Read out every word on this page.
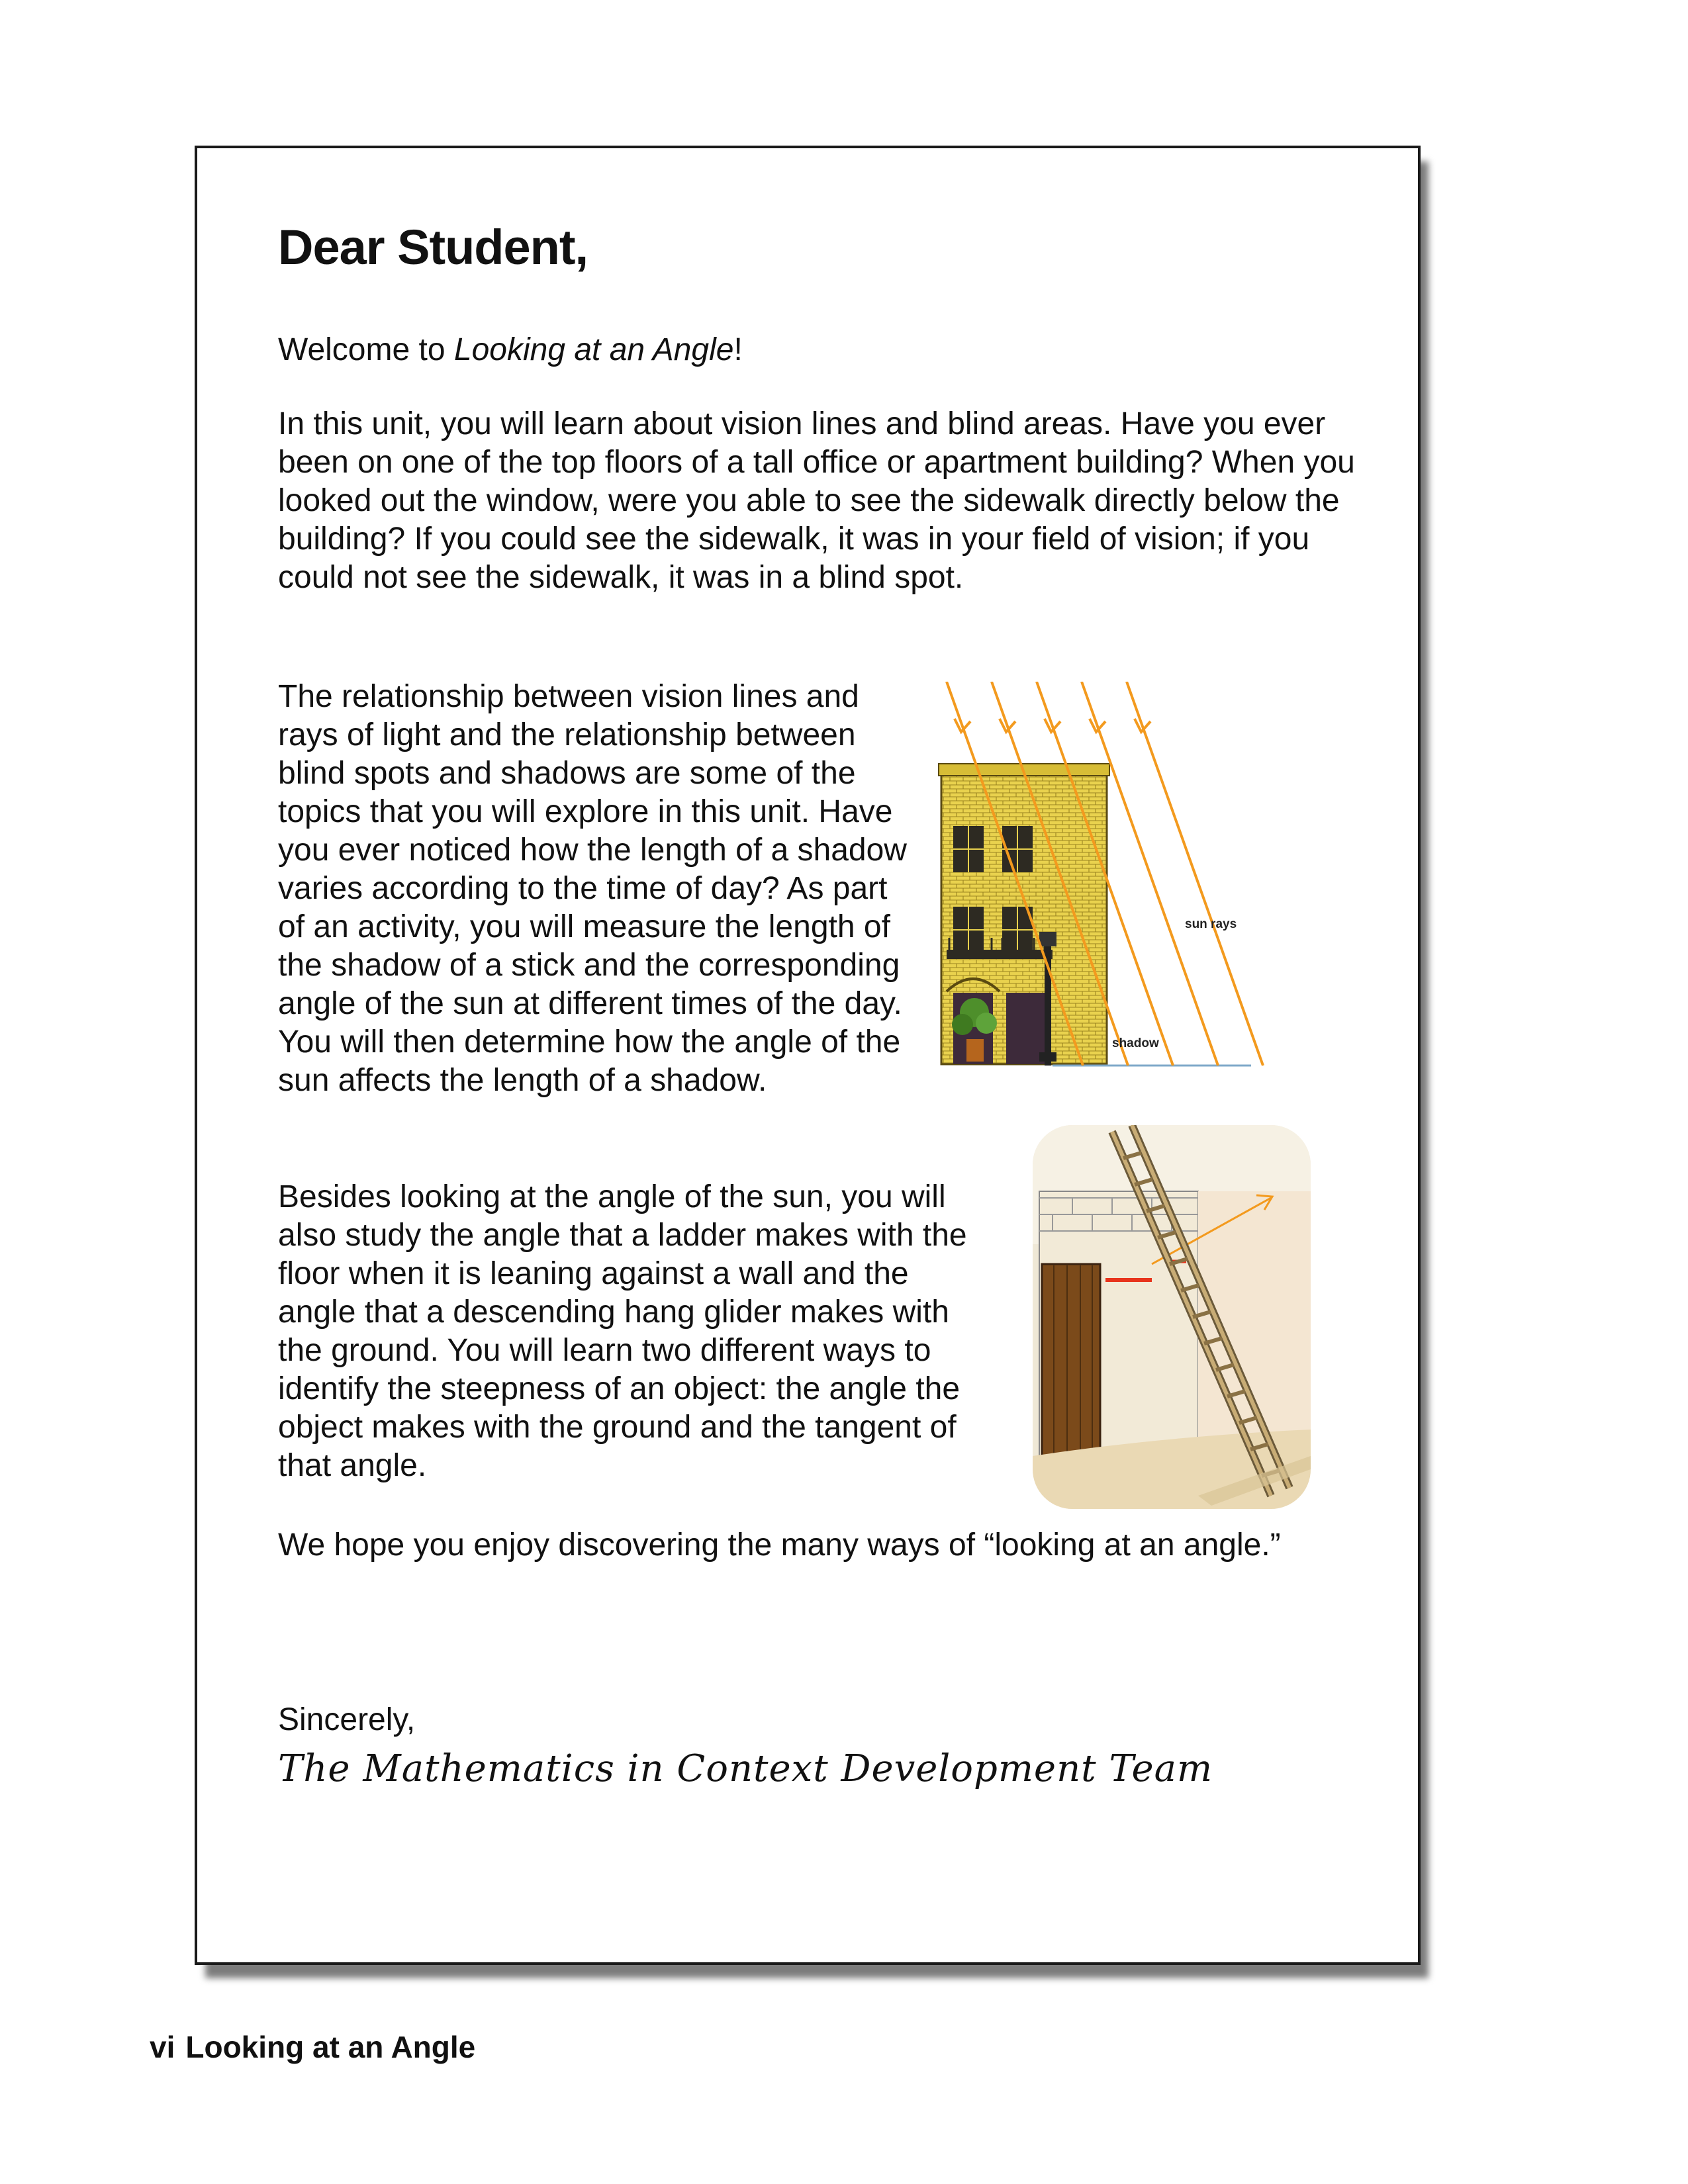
Dear Student,

Welcome to Looking at an Angle!

In this unit, you will learn about vision lines and blind areas. Have you ever been on one of the top floors of a tall office or apartment building? When you looked out the window, were you able to see the sidewalk directly below the building? If you could see the sidewalk, it was in your field of vision; if you could not see the sidewalk, it was in a blind spot.

The relationship between vision lines and rays of light and the relationship between blind spots and shadows are some of the topics that you will explore in this unit. Have you ever noticed how the length of a shadow varies according to the time of day? As part of an activity, you will measure the length of the shadow of a stick and the corresponding angle of the sun at different times of the day. You will then determine how the angle of the sun affects the length of a shadow.

Besides looking at the angle of the sun, you will also study the angle that a ladder makes with the floor when it is leaning against a wall and the angle that a descending hang glider makes with the ground. You will learn two different ways to identify the steepness of an object: the angle the object makes with the ground and the tangent of that angle.

We hope you enjoy discovering the many ways of “looking at an angle.”

Sincerely,

The Mathematics in Context Development Team

sun rays
shadow

vi Looking at an Angle
